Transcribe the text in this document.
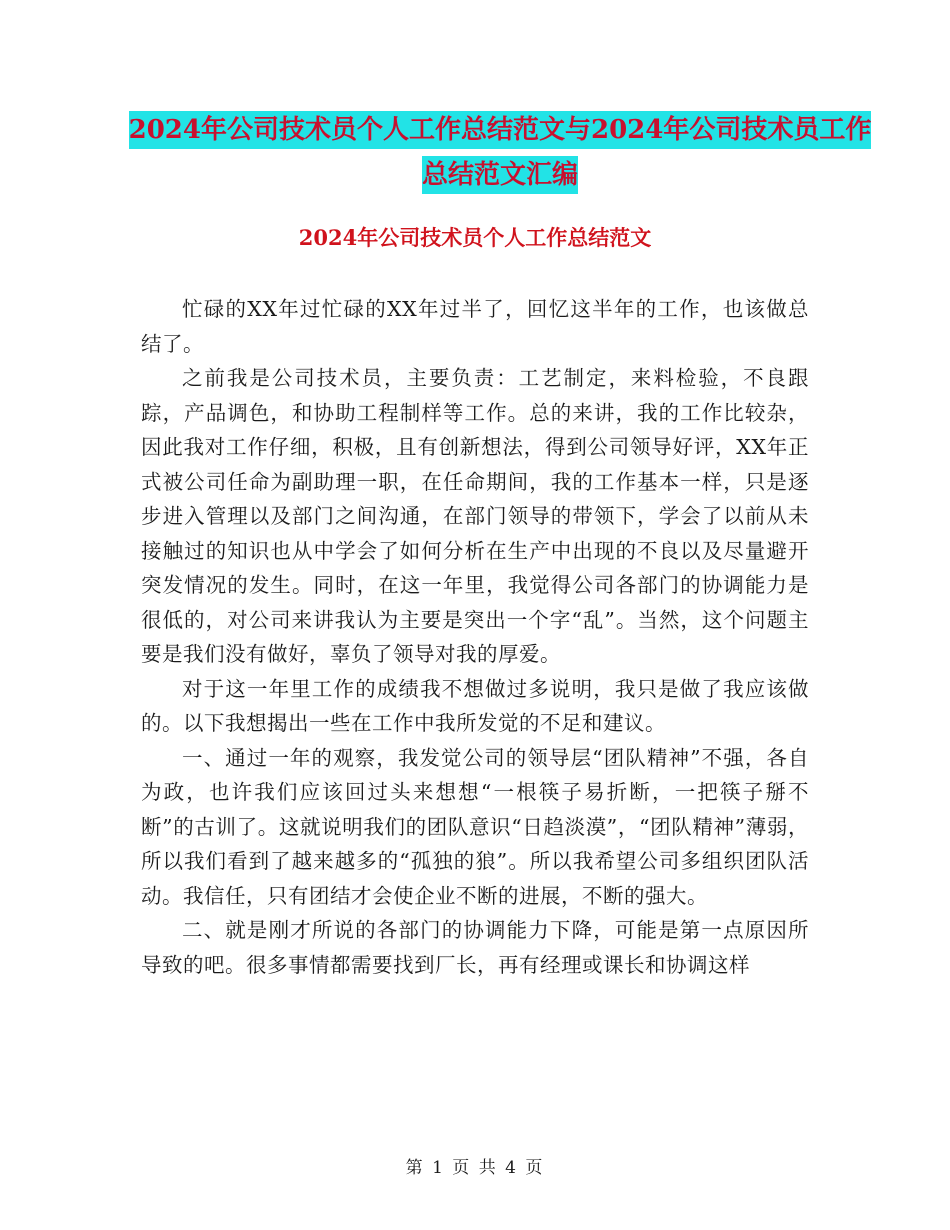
2024年公司技术员个人工作总结范文与2024年公司技术员工作总结范文汇编
2024年公司技术员个人工作总结范文

忙碌的XX年过忙碌的XX年过半了，回忆这半年的工作，也该做总结了。

之前我是公司技术员，主要负责：工艺制定，来料检验，不良跟踪，产品调色，和协助工程制样等工作。总的来讲，我的工作比较杂，因此我对工作仔细，积极，且有创新想法，得到公司领导好评，XX年正式被公司任命为副助理一职，在任命期间，我的工作基本一样，只是逐步进入管理以及部门之间沟通，在部门领导的带领下，学会了以前从未接触过的知识也从中学会了如何分析在生产中出现的不良以及尽量避开突发情况的发生。同时，在这一年里，我觉得公司各部门的协调能力是很低的，对公司来讲我认为主要是突出一个字“乱”。当然，这个问题主要是我们没有做好，辜负了领导对我的厚爱。

对于这一年里工作的成绩我不想做过多说明，我只是做了我应该做的。以下我想揭出一些在工作中我所发觉的不足和建议。

一、通过一年的观察，我发觉公司的领导层“团队精神”不强，各自为政，也许我们应该回过头来想想“一根筷子易折断，一把筷子掰不断”的古训了。这就说明我们的团队意识“日趋淡漠”，“团队精神”薄弱，所以我们看到了越来越多的“孤独的狼”。所以我希望公司多组织团队活动。我信任，只有团结才会使企业不断的进展，不断的强大。

二、就是刚才所说的各部门的协调能力下降，可能是第一点原因所导致的吧。很多事情都需要找到厂长，再有经理或课长和协调这样

第 1 页 共 4 页
